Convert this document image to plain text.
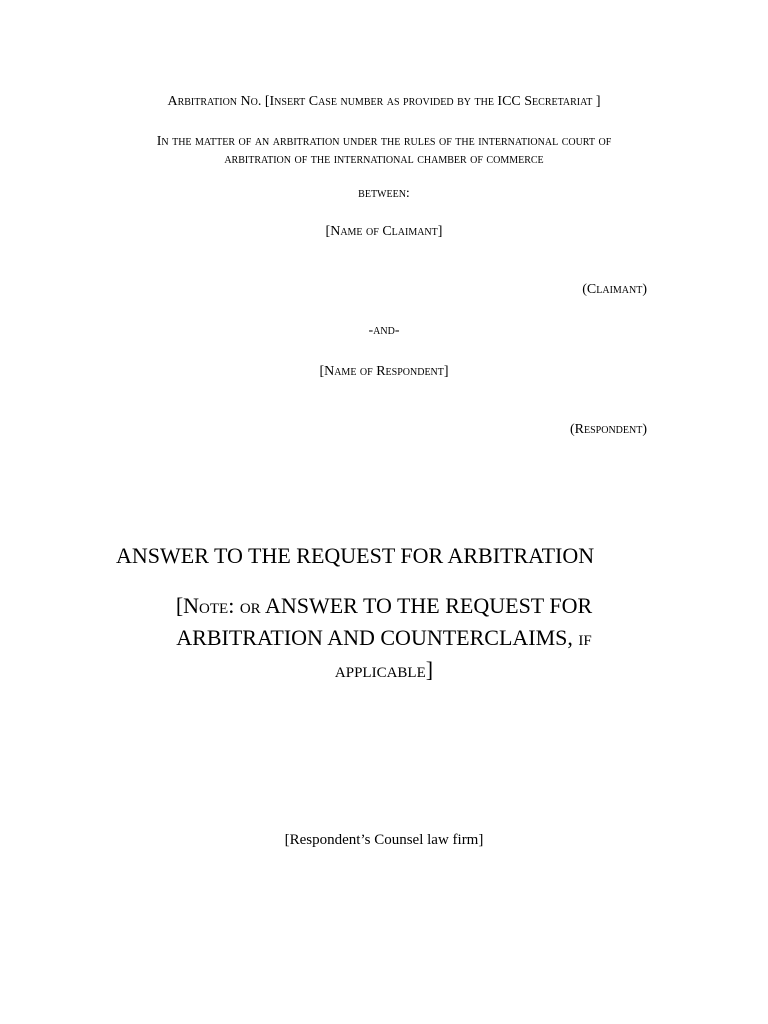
Arbitration No. [Insert Case number as provided by the ICC Secretariat ]
In the matter of an arbitration under the rules of the international court of
arbitration of the international chamber of commerce
between:
[Name of Claimant]
(Claimant)
-and-
[Name of Respondent]
(Respondent)
ANSWER TO THE REQUEST FOR ARBITRATION
[Note: or ANSWER TO THE REQUEST FOR
ARBITRATION AND COUNTERCLAIMS, if
applicable]
[Respondent’s Counsel law firm]
